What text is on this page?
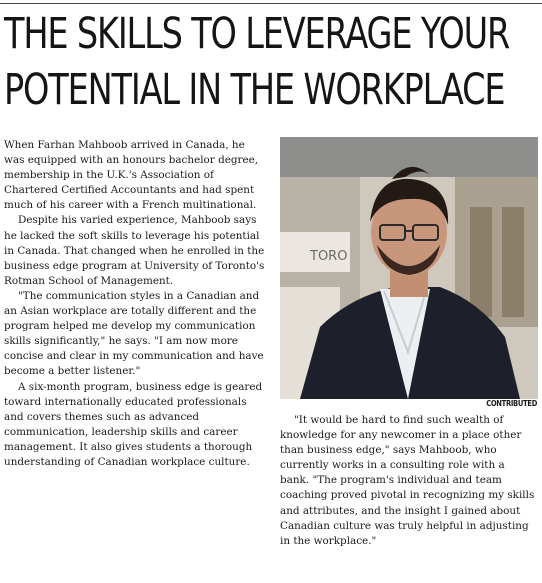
THE SKILLS TO LEVERAGE YOUR
POTENTIAL IN THE WORKPLACE

When Farhan Mahboob arrived in Canada, he was equipped with an honours bachelor degree, membership in the U.K.'s Association of Chartered Certified Accountants and had spent much of his career with a French multinational.

Despite his varied experience, Mahboob says he lacked the soft skills to leverage his potential in Canada. That changed when he enrolled in the business edge program at University of Toronto's Rotman School of Management.

"The communication styles in a Canadian and an Asian workplace are totally different and the program helped me develop my communication skills significantly," he says. "I am now more concise and clear in my communication and have become a better listener."

A six-month program, business edge is geared toward internationally educated professionals and covers themes such as advanced communication, leadership skills and career management. It also gives students a thorough understanding of Canadian workplace culture.

TORO
CONTRIBUTED

"It would be hard to find such wealth of knowledge for any newcomer in a place other than business edge," says Mahboob, who currently works in a consulting role with a bank. "The program's individual and team coaching proved pivotal in recognizing my skills and attributes, and the insight I gained about Canadian culture was truly helpful in adjusting in the workplace."
